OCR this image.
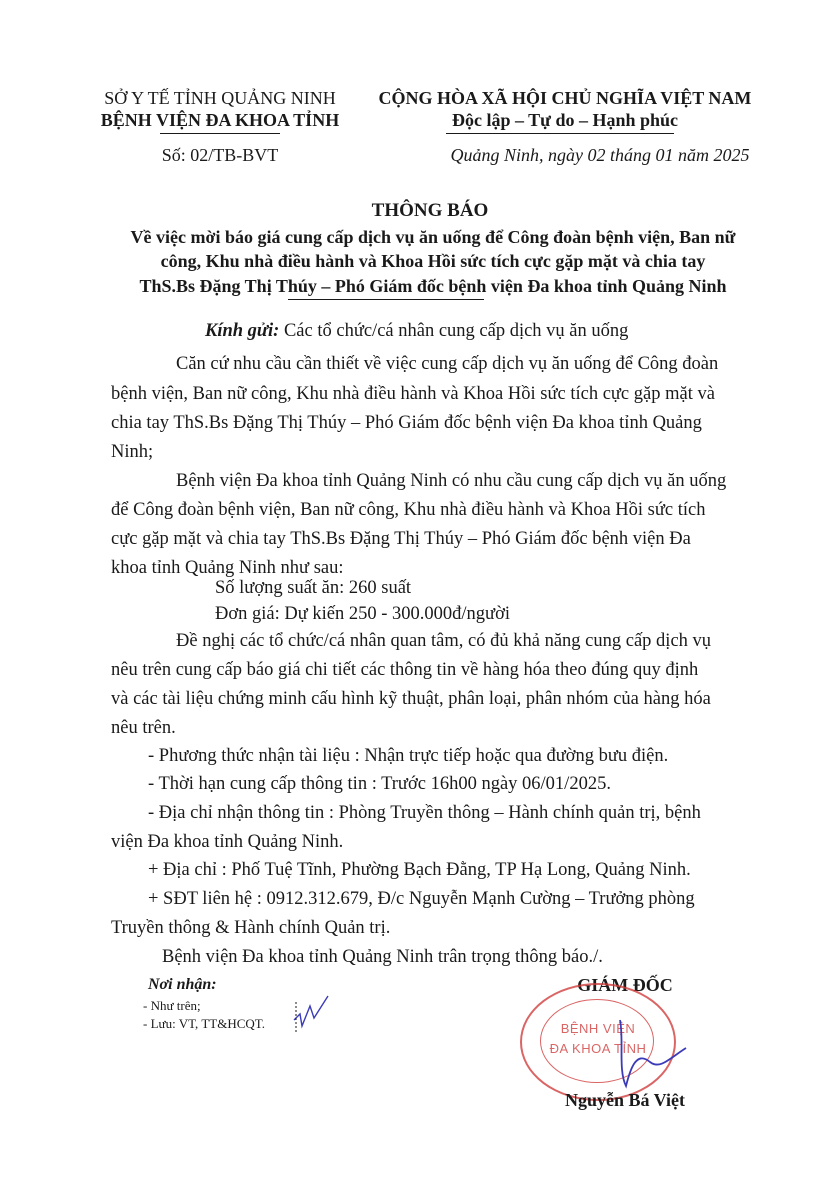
SỞ Y TẾ TỈNH QUẢNG NINH
BỆNH VIỆN ĐA KHOA TỈNH
Số: 02/TB-BVT
CỘNG HÒA XÃ HỘI CHỦ NGHĨA VIỆT NAM
Độc lập – Tự do – Hạnh phúc
Quảng Ninh, ngày 02 tháng 01 năm 2025
THÔNG BÁO
Về việc mời báo giá cung cấp dịch vụ ăn uống để Công đoàn bệnh viện, Ban nữ
công, Khu nhà điều hành và Khoa Hồi sức tích cực gặp mặt và chia tay
ThS.Bs Đặng Thị Thúy – Phó Giám đốc bệnh viện Đa khoa tỉnh Quảng Ninh
Kính gửi: Các tổ chức/cá nhân cung cấp dịch vụ ăn uống
Căn cứ nhu cầu cần thiết về việc cung cấp dịch vụ ăn uống để Công đoàn
bệnh viện, Ban nữ công, Khu nhà điều hành và Khoa Hồi sức tích cực gặp mặt và
chia tay ThS.Bs Đặng Thị Thúy – Phó Giám đốc bệnh viện Đa khoa tỉnh Quảng
Ninh;
Bệnh viện Đa khoa tỉnh Quảng Ninh có nhu cầu cung cấp dịch vụ ăn uống
để Công đoàn bệnh viện, Ban nữ công, Khu nhà điều hành và Khoa Hồi sức tích
cực gặp mặt và chia tay ThS.Bs Đặng Thị Thúy – Phó Giám đốc bệnh viện Đa
khoa tỉnh Quảng Ninh như sau:
Số lượng suất ăn: 260 suất
Đơn giá: Dự kiến 250 - 300.000đ/người
Đề nghị các tổ chức/cá nhân quan tâm, có đủ khả năng cung cấp dịch vụ
nêu trên cung cấp báo giá chi tiết các thông tin về hàng hóa theo đúng quy định
và các tài liệu chứng minh cấu hình kỹ thuật, phân loại, phân nhóm của hàng hóa
nêu trên.
- Phương thức nhận tài liệu : Nhận trực tiếp hoặc qua đường bưu điện.
- Thời hạn cung cấp thông tin : Trước 16h00 ngày 06/01/2025.
- Địa chỉ nhận thông tin : Phòng Truyền thông – Hành chính quản trị, bệnh
viện Đa khoa tỉnh Quảng Ninh.
+ Địa chỉ : Phố Tuệ Tĩnh, Phường Bạch Đằng, TP Hạ Long, Quảng Ninh.
+ SĐT liên hệ : 0912.312.679, Đ/c Nguyễn Mạnh Cường – Trưởng phòng
Truyền thông & Hành chính Quản trị.
Bệnh viện Đa khoa tỉnh Quảng Ninh trân trọng thông báo./.
Nơi nhận:
- Như trên;
- Lưu: VT, TT&HCQT.
GIÁM ĐỐC
BỆNH VIỆN
ĐA KHOA TỈNH
Nguyễn Bá Việt
